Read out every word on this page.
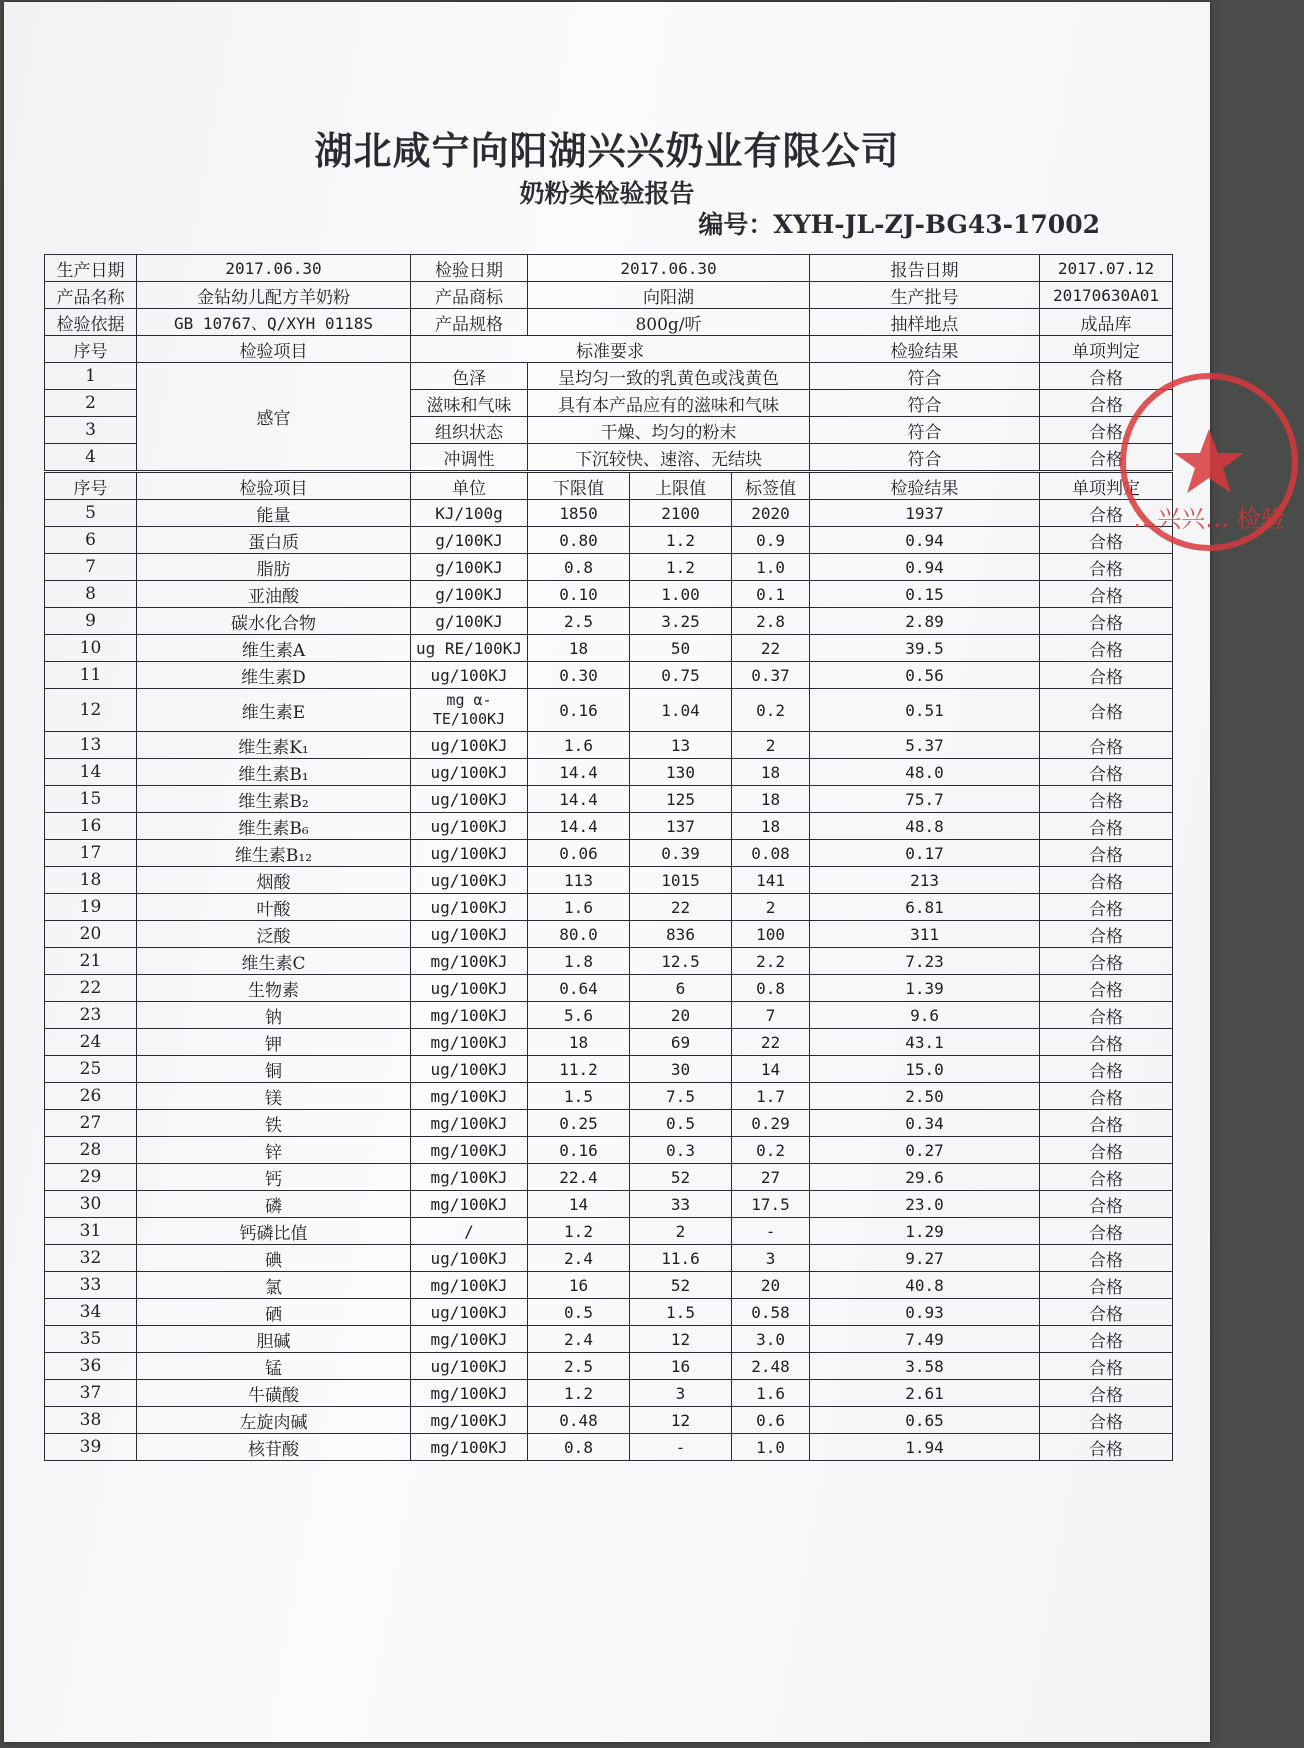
湖北咸宁向阳湖兴兴奶业有限公司
奶粉类检验报告
编号：XYH-JL-ZJ-BG43-17002
生产日期	2017.06.30	检验日期	2017.06.30			报告日期	2017.07.12
产品名称	金钻幼儿配方羊奶粉	产品商标	向阳湖			生产批号	20170630A01
检验依据	GB 10767、Q/XYH 0118S	产品规格	800g/听			抽样地点	成品库
序号	检验项目	标准要求				检验结果	单项判定
1	感官	色泽	呈均匀一致的乳黄色或浅黄色			符合	合格
2		滋味和气味	具有本产品应有的滋味和气味			符合	合格
3		组织状态	干燥、均匀的粉末			符合	合格
4		冲调性	下沉较快、速溶、无结块			符合	合格
序号	检验项目	单位	下限值	上限值	标签值	检验结果	单项判定
5	能量	KJ/100g	1850	2100	2020	1937	合格
6	蛋白质	g/100KJ	0.80	1.2	0.9	0.94	合格
7	脂肪	g/100KJ	0.8	1.2	1.0	0.94	合格
8	亚油酸	g/100KJ	0.10	1.00	0.1	0.15	合格
9	碳水化合物	g/100KJ	2.5	3.25	2.8	2.89	合格
10	维生素A	ug RE/100KJ	18	50	22	39.5	合格
11	维生素D	ug/100KJ	0.30	0.75	0.37	0.56	合格
12	维生素E	mg α-TE/100KJ	0.16	1.04	0.2	0.51	合格
13	维生素K₁	ug/100KJ	1.6	13	2	5.37	合格
14	维生素B₁	ug/100KJ	14.4	130	18	48.0	合格
15	维生素B₂	ug/100KJ	14.4	125	18	75.7	合格
16	维生素B₆	ug/100KJ	14.4	137	18	48.8	合格
17	维生素B₁₂	ug/100KJ	0.06	0.39	0.08	0.17	合格
18	烟酸	ug/100KJ	113	1015	141	213	合格
19	叶酸	ug/100KJ	1.6	22	2	6.81	合格
20	泛酸	ug/100KJ	80.0	836	100	311	合格
21	维生素C	mg/100KJ	1.8	12.5	2.2	7.23	合格
22	生物素	ug/100KJ	0.64	6	0.8	1.39	合格
23	钠	mg/100KJ	5.6	20	7	9.6	合格
24	钾	mg/100KJ	18	69	22	43.1	合格
25	铜	ug/100KJ	11.2	30	14	15.0	合格
26	镁	mg/100KJ	1.5	7.5	1.7	2.50	合格
27	铁	mg/100KJ	0.25	0.5	0.29	0.34	合格
28	锌	mg/100KJ	0.16	0.3	0.2	0.27	合格
29	钙	mg/100KJ	22.4	52	27	29.6	合格
30	磷	mg/100KJ	14	33	17.5	23.0	合格
31	钙磷比值	/	1.2	2	-	1.29	合格
32	碘	ug/100KJ	2.4	11.6	3	9.27	合格
33	氯	mg/100KJ	16	52	20	40.8	合格
34	硒	ug/100KJ	0.5	1.5	0.58	0.93	合格
35	胆碱	mg/100KJ	2.4	12	3.0	7.49	合格
36	锰	ug/100KJ	2.5	16	2.48	3.58	合格
37	牛磺酸	mg/100KJ	1.2	3	1.6	2.61	合格
38	左旋肉碱	mg/100KJ	0.48	12	0.6	0.65	合格
39	核苷酸	mg/100KJ	0.8	-	1.0	1.94	合格
…兴兴… 检验
